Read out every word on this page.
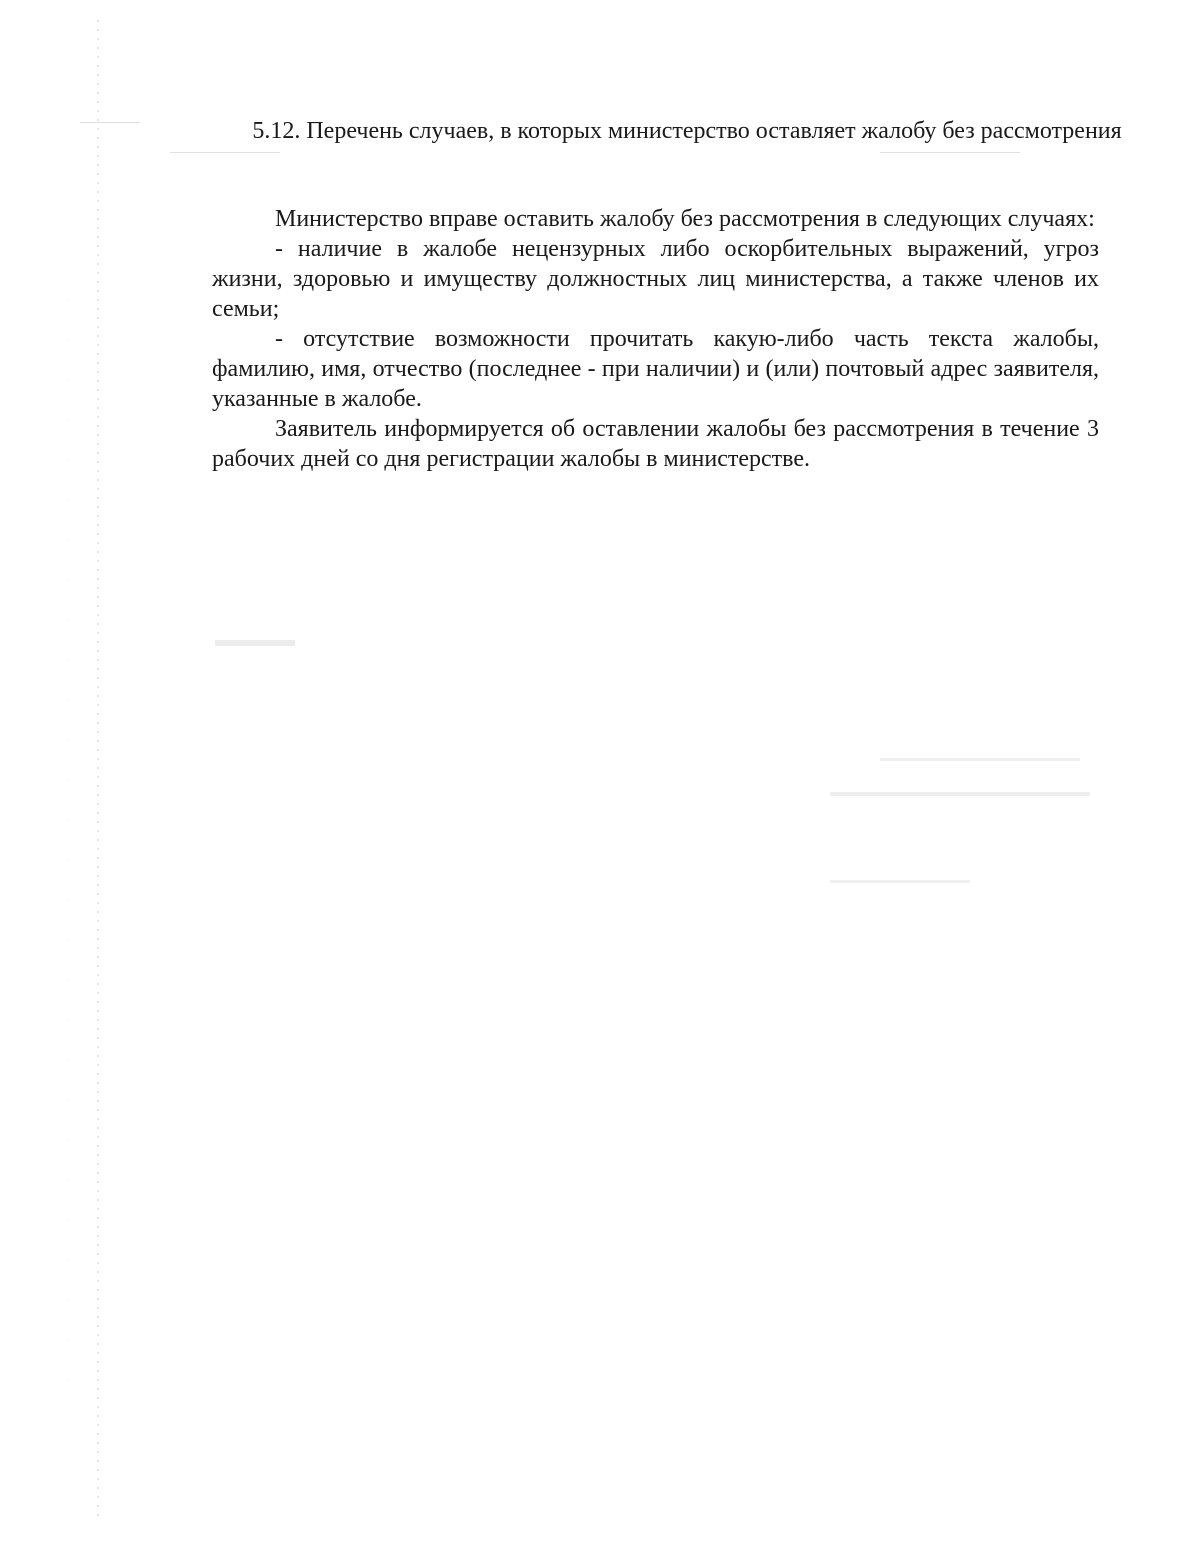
5.12. Перечень случаев, в которых министерство оставляет жалобу без рассмотрения

Министерство вправе оставить жалобу без рассмотрения в следующих случаях:

- наличие в жалобе нецензурных либо оскорбительных выражений, угроз жизни, здоровью и имуществу должностных лиц министерства, а также членов их семьи;

- отсутствие возможности прочитать какую-либо часть текста жалобы, фамилию, имя, отчество (последнее - при наличии) и (или) почтовый адрес заявителя, указанные в жалобе.

Заявитель информируется об оставлении жалобы без рассмотрения в течение 3 рабочих дней со дня регистрации жалобы в министерстве.
